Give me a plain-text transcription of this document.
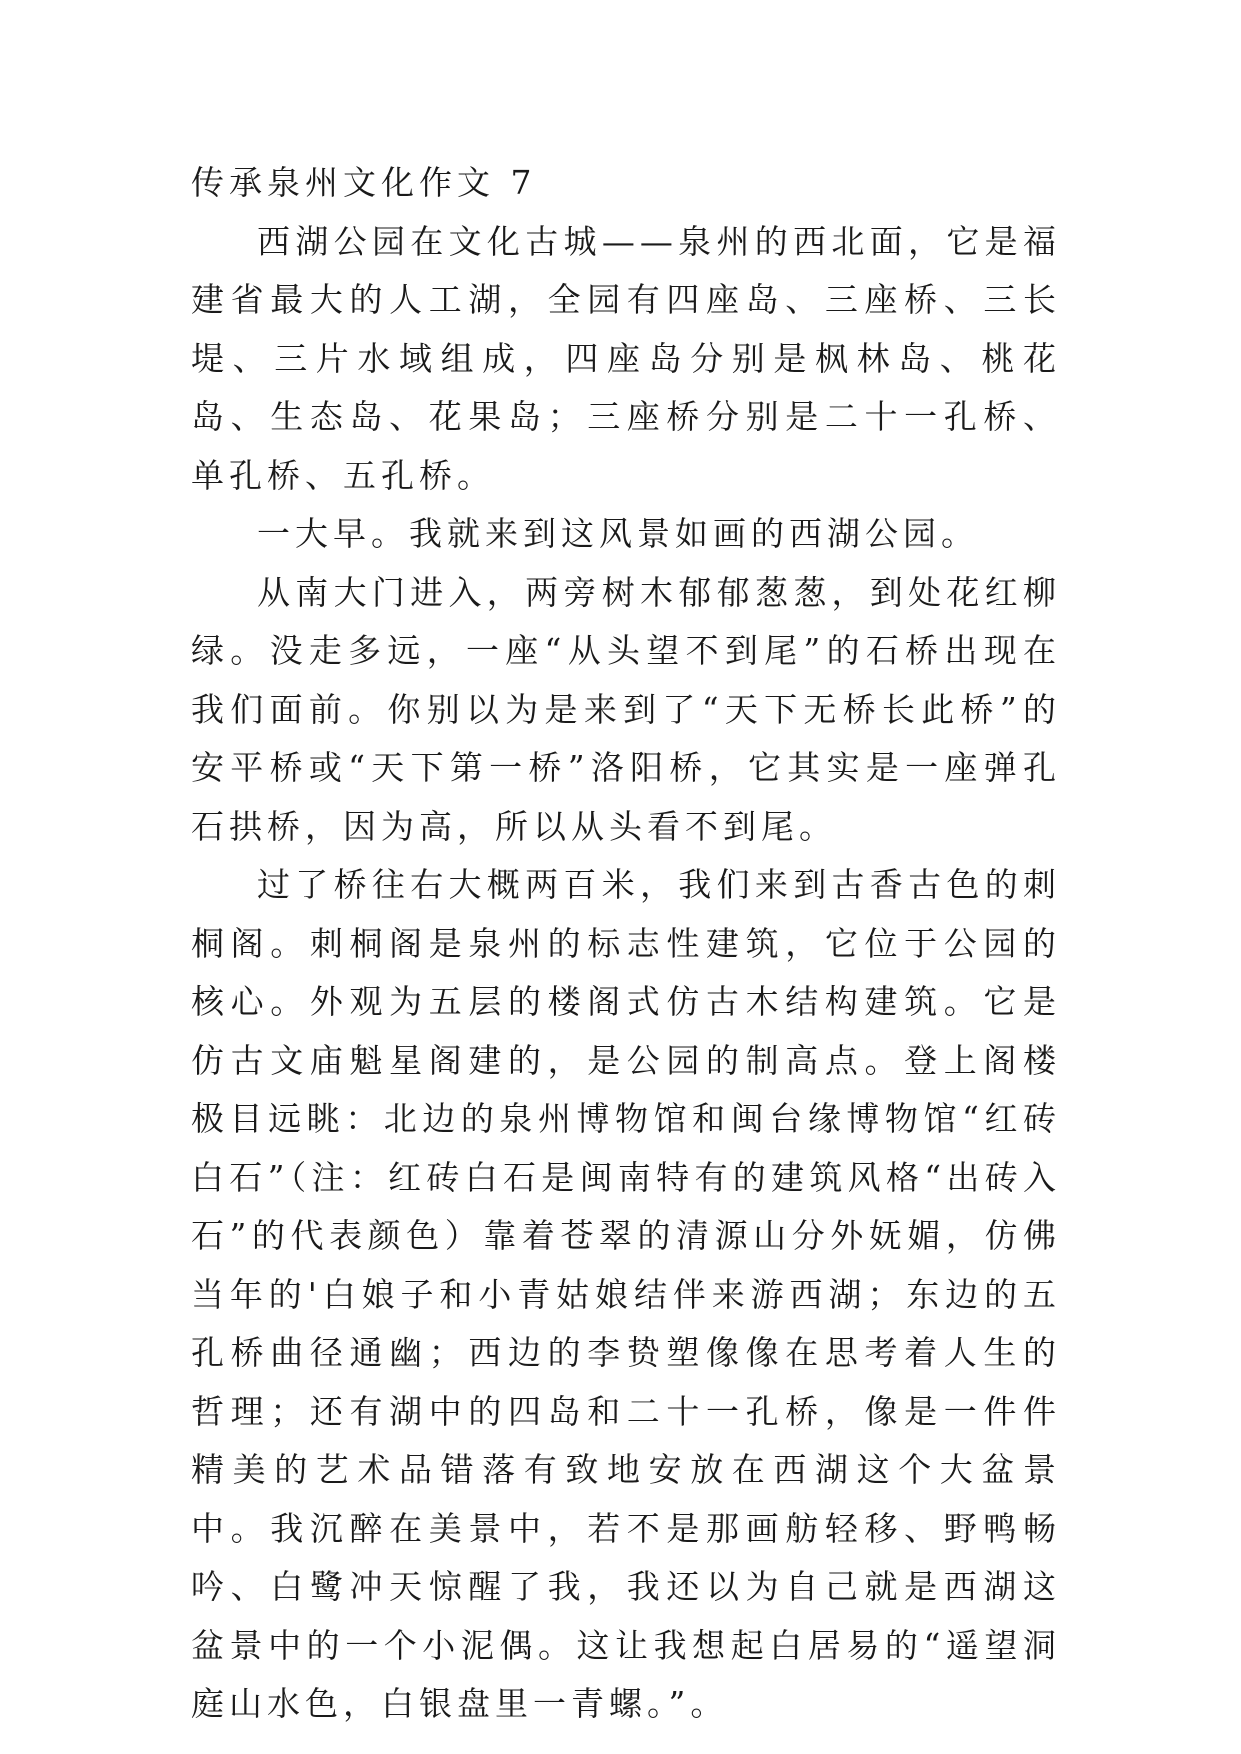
传承泉州文化作文 7

西湖公园在文化古城——泉州的西北面，它是福建省最大的人工湖，全园有四座岛、三座桥、三长堤、三片水域组成，四座岛分别是枫林岛、桃花岛、生态岛、花果岛；三座桥分别是二十一孔桥、单孔桥、五孔桥。

一大早。我就来到这风景如画的西湖公园。

从南大门进入，两旁树木郁郁葱葱，到处花红柳绿。没走多远，一座“从头望不到尾”的石桥出现在我们面前。你别以为是来到了“天下无桥长此桥”的安平桥或“天下第一桥”洛阳桥，它其实是一座弹孔石拱桥，因为高，所以从头看不到尾。

过了桥往右大概两百米，我们来到古香古色的刺桐阁。刺桐阁是泉州的标志性建筑，它位于公园的核心。外观为五层的楼阁式仿古木结构建筑。它是仿古文庙魁星阁建的，是公园的制高点。登上阁楼极目远眺：北边的泉州博物馆和闽台缘博物馆“红砖白石”（注：红砖白石是闽南特有的建筑风格“出砖入石”的代表颜色）靠着苍翠的清源山分外妩媚，仿佛当年的'白娘子和小青姑娘结伴来游西湖；东边的五孔桥曲径通幽；西边的李贽塑像像在思考着人生的哲理；还有湖中的四岛和二十一孔桥，像是一件件精美的艺术品错落有致地安放在西湖这个大盆景中。我沉醉在美景中，若不是那画舫轻移、野鸭畅吟、白鹭冲天惊醒了我，我还以为自己就是西湖这盆景中的一个小泥偶。这让我想起白居易的“遥望洞庭山水色，白银盘里一青螺。”。
